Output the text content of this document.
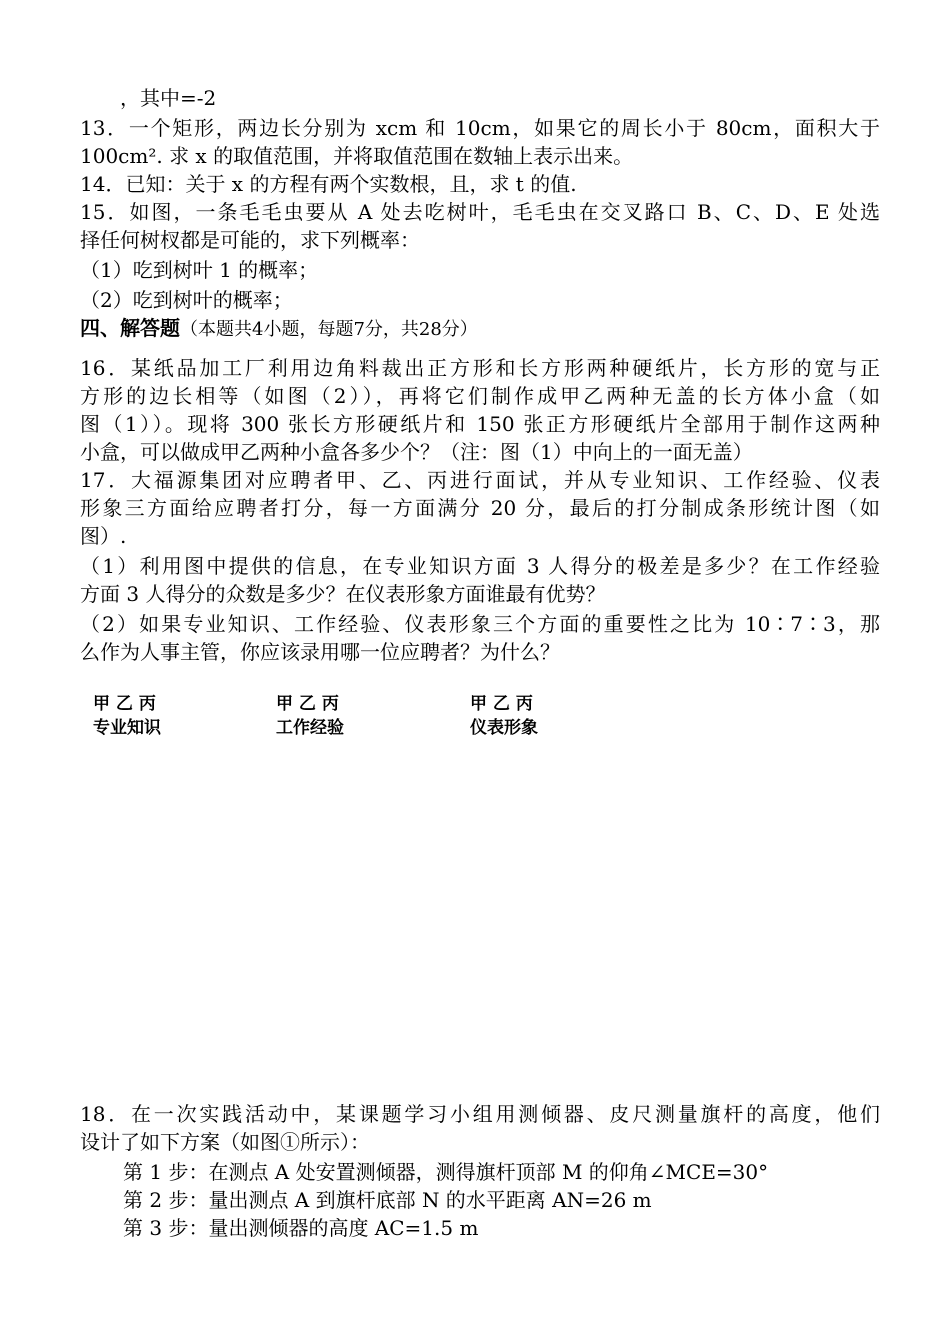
，其中=-2
13．一个矩形，两边长分别为 xcm 和 10cm，如果它的周长小于 80cm，面积大于
100cm². 求 x 的取值范围，并将取值范围在数轴上表示出来。
14．已知：关于 x 的方程有两个实数根，且，求 t 的值.
15．如图，一条毛毛虫要从 A 处去吃树叶，毛毛虫在交叉路口 B、C、D、E 处选
择任何树杈都是可能的，求下列概率：
（1）吃到树叶 1 的概率；
（2）吃到树叶的概率；
四、解答题（本题共4小题，每题7分，共28分）
16．某纸品加工厂利用边角料裁出正方形和长方形两种硬纸片，长方形的宽与正
方形的边长相等（如图（2）），再将它们制作成甲乙两种无盖的长方体小盒（如
图（1））。现将 300 张长方形硬纸片和 150 张正方形硬纸片全部用于制作这两种
小盒，可以做成甲乙两种小盒各多少个？（注：图（1）中向上的一面无盖）
17．大福源集团对应聘者甲、乙、丙进行面试，并从专业知识、工作经验、仪表
形象三方面给应聘者打分，每一方面满分 20 分，最后的打分制成条形统计图（如
图）.
（1）利用图中提供的信息，在专业知识方面 3 人得分的极差是多少？在工作经验
方面 3 人得分的众数是多少？在仪表形象方面谁最有优势？
（2）如果专业知识、工作经验、仪表形象三个方面的重要性之比为 10∶7∶3，那
么作为人事主管，你应该录用哪一位应聘者？为什么？
甲 乙 丙
专业知识
甲 乙 丙
工作经验
甲 乙 丙
仪表形象
18．在一次实践活动中，某课题学习小组用测倾器、皮尺测量旗杆的高度，他们
设计了如下方案（如图①所示）：
第 1 步：在测点 A 处安置测倾器，测得旗杆顶部 M 的仰角∠MCE=30°
第 2 步：量出测点 A 到旗杆底部 N 的水平距离 AN=26 m
第 3 步：量出测倾器的高度 AC=1.5 m
